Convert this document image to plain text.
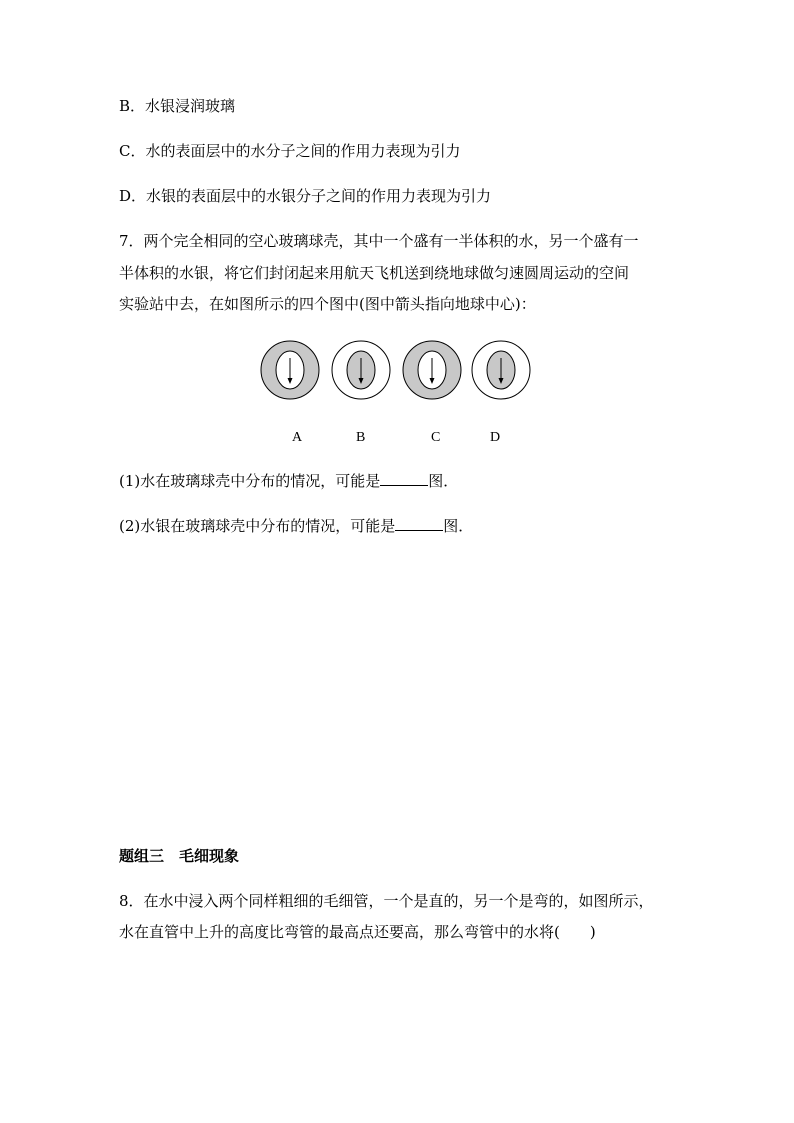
B．水银浸润玻璃
C．水的表面层中的水分子之间的作用力表现为引力
D．水银的表面层中的水银分子之间的作用力表现为引力
7．两个完全相同的空心玻璃球壳，其中一个盛有一半体积的水，另一个盛有一
半体积的水银，将它们封闭起来用航天飞机送到绕地球做匀速圆周运动的空间
实验站中去，在如图所示的四个图中(图中箭头指向地球中心)：
A	B	C	D
(1)水在玻璃球壳中分布的情况，可能是	图．
(2)水银在玻璃球壳中分布的情况，可能是	图．
题组三　毛细现象
8．在水中浸入两个同样粗细的毛细管，一个是直的，另一个是弯的，如图所示，
水在直管中上升的高度比弯管的最高点还要高，那么弯管中的水将(　　)
